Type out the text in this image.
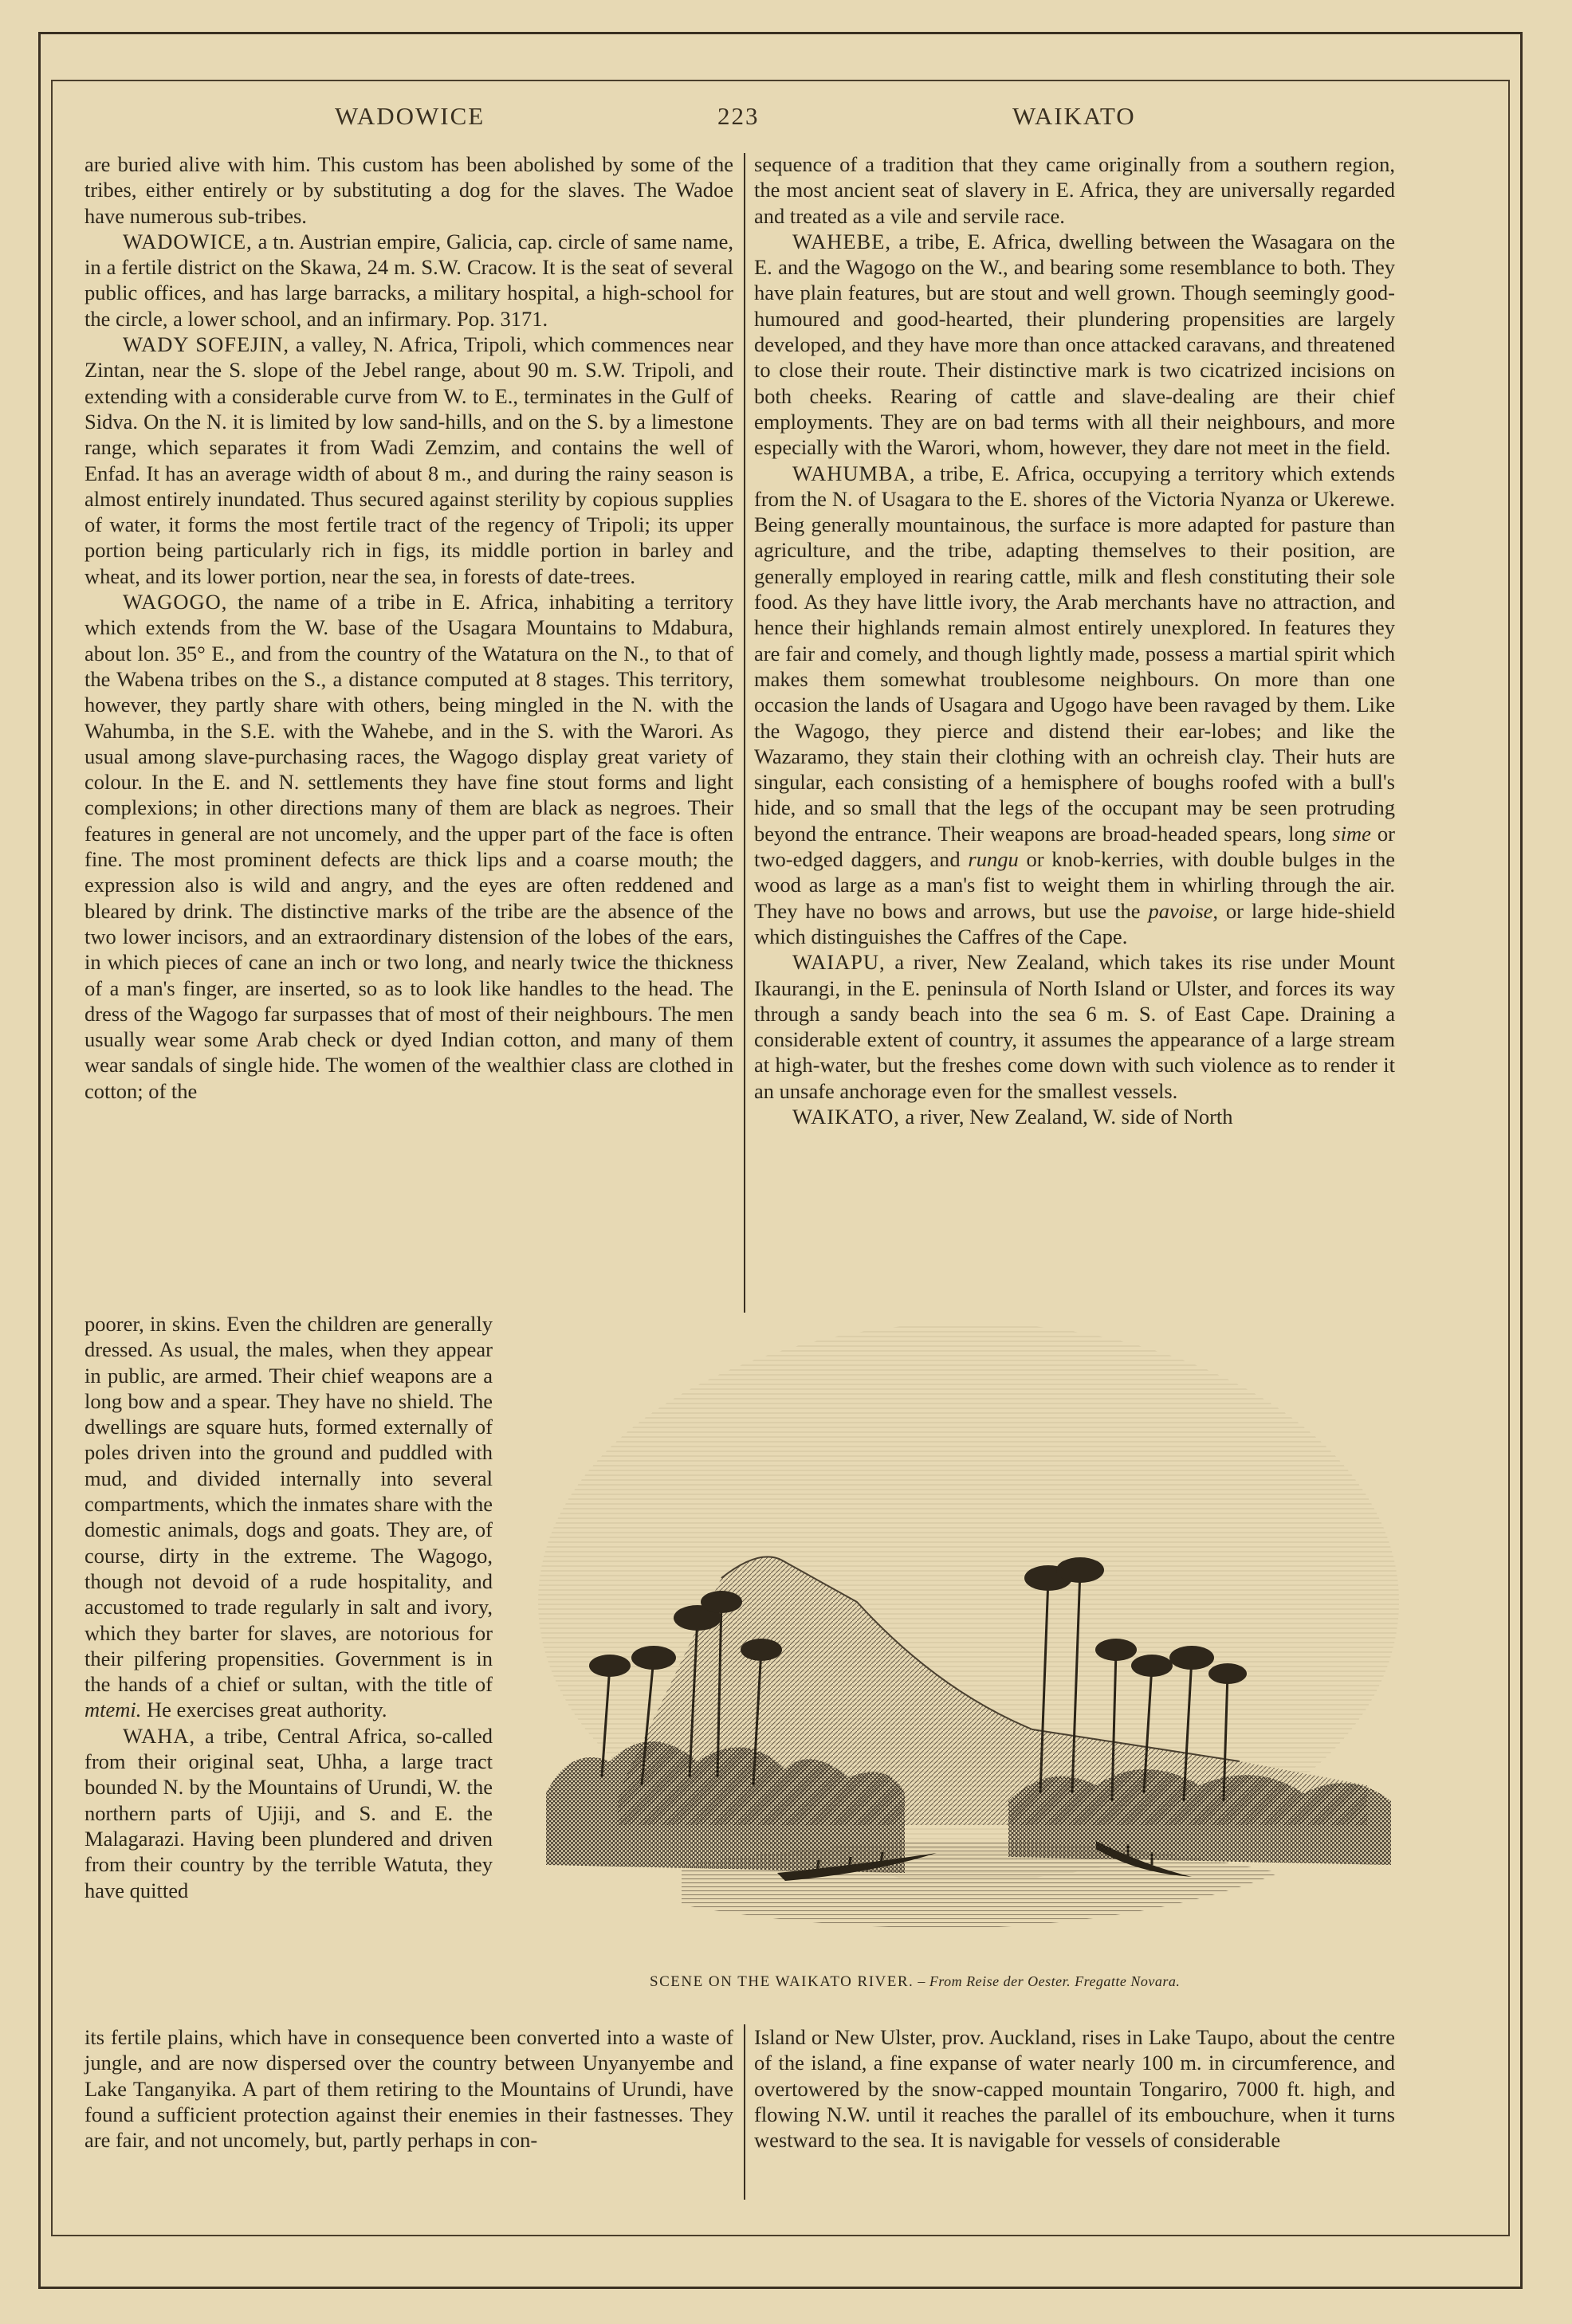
WADOWICE	223	WAIKATO

are buried alive with him. This custom has been abolished by some of the tribes, either entirely or by substituting a dog for the slaves. The Wadoe have numerous sub-tribes.

WADOWICE, a tn. Austrian empire, Galicia, cap. circle of same name, in a fertile district on the Skawa, 24 m. S.W. Cracow. It is the seat of several public offices, and has large barracks, a military hospital, a high-school for the circle, a lower school, and an infirmary. Pop. 3171.

WADY SOFEJIN, a valley, N. Africa, Tripoli, which commences near Zintan, near the S. slope of the Jebel range, about 90 m. S.W. Tripoli, and extending with a considerable curve from W. to E., terminates in the Gulf of Sidva. On the N. it is limited by low sand-hills, and on the S. by a limestone range, which separates it from Wadi Zemzim, and contains the well of Enfad. It has an average width of about 8 m., and during the rainy season is almost entirely inundated. Thus secured against sterility by copious supplies of water, it forms the most fertile tract of the regency of Tripoli; its upper portion being particularly rich in figs, its middle portion in barley and wheat, and its lower portion, near the sea, in forests of date-trees.

WAGOGO, the name of a tribe in E. Africa, inhabiting a territory which extends from the W. base of the Usagara Mountains to Mdabura, about lon. 35° E., and from the country of the Watatura on the N., to that of the Wabena tribes on the S., a distance computed at 8 stages. This territory, however, they partly share with others, being mingled in the N. with the Wahumba, in the S.E. with the Wahebe, and in the S. with the Warori. As usual among slave-purchasing races, the Wagogo display great variety of colour. In the E. and N. settlements they have fine stout forms and light complexions; in other directions many of them are black as negroes. Their features in general are not uncomely, and the upper part of the face is often fine. The most prominent defects are thick lips and a coarse mouth; the expression also is wild and angry, and the eyes are often reddened and bleared by drink. The distinctive marks of the tribe are the absence of the two lower incisors, and an extraordinary distension of the lobes of the ears, in which pieces of cane an inch or two long, and nearly twice the thickness of a man's finger, are inserted, so as to look like handles to the head. The dress of the Wagogo far surpasses that of most of their neighbours. The men usually wear some Arab check or dyed Indian cotton, and many of them wear sandals of single hide. The women of the wealthier class are clothed in cotton; of the

poorer, in skins. Even the children are generally dressed. As usual, the males, when they appear in public, are armed. Their chief weapons are a long bow and a spear. They have no shield. The dwellings are square huts, formed externally of poles driven into the ground and puddled with mud, and divided internally into several compartments, which the inmates share with the domestic animals, dogs and goats. They are, of course, dirty in the extreme. The Wagogo, though not devoid of a rude hospitality, and accustomed to trade regularly in salt and ivory, which they barter for slaves, are notorious for their pilfering propensities. Government is in the hands of a chief or sultan, with the title of mtemi. He exercises great authority.

WAHA, a tribe, Central Africa, so-called from their original seat, Uhha, a large tract bounded N. by the Mountains of Urundi, W. the northern parts of Ujiji, and S. and E. the Malagarazi. Having been plundered and driven from their country by the terrible Watuta, they have quitted

its fertile plains, which have in consequence been converted into a waste of jungle, and are now dispersed over the country between Unyanyembe and Lake Tanganyika. A part of them retiring to the Mountains of Urundi, have found a sufficient protection against their enemies in their fastnesses. They are fair, and not uncomely, but, partly perhaps in con-

sequence of a tradition that they came originally from a southern region, the most ancient seat of slavery in E. Africa, they are universally regarded and treated as a vile and servile race.

WAHEBE, a tribe, E. Africa, dwelling between the Wasagara on the E. and the Wagogo on the W., and bearing some resemblance to both. They have plain features, but are stout and well grown. Though seemingly good-humoured and good-hearted, their plundering propensities are largely developed, and they have more than once attacked caravans, and threatened to close their route. Their distinctive mark is two cicatrized incisions on both cheeks. Rearing of cattle and slave-dealing are their chief employments. They are on bad terms with all their neighbours, and more especially with the Warori, whom, however, they dare not meet in the field.

WAHUMBA, a tribe, E. Africa, occupying a territory which extends from the N. of Usagara to the E. shores of the Victoria Nyanza or Ukerewe. Being generally mountainous, the surface is more adapted for pasture than agriculture, and the tribe, adapting themselves to their position, are generally employed in rearing cattle, milk and flesh constituting their sole food. As they have little ivory, the Arab merchants have no attraction, and hence their highlands remain almost entirely unexplored. In features they are fair and comely, and though lightly made, possess a martial spirit which makes them somewhat troublesome neighbours. On more than one occasion the lands of Usagara and Ugogo have been ravaged by them. Like the Wagogo, they pierce and distend their ear-lobes; and like the Wazaramo, they stain their clothing with an ochreish clay. Their huts are singular, each consisting of a hemisphere of boughs roofed with a bull's hide, and so small that the legs of the occupant may be seen protruding beyond the entrance. Their weapons are broad-headed spears, long sime or two-edged daggers, and rungu or knob-kerries, with double bulges in the wood as large as a man's fist to weight them in whirling through the air. They have no bows and arrows, but use the pavoise, or large hide-shield which distinguishes the Caffres of the Cape.

WAIAPU, a river, New Zealand, which takes its rise under Mount Ikaurangi, in the E. peninsula of North Island or Ulster, and forces its way through a sandy beach into the sea 6 m. S. of East Cape. Draining a considerable extent of country, it assumes the appearance of a large stream at high-water, but the freshes come down with such violence as to render it an unsafe anchorage even for the smallest vessels.

WAIKATO, a river, New Zealand, W. side of North

Island or New Ulster, prov. Auckland, rises in Lake Taupo, about the centre of the island, a fine expanse of water nearly 100 m. in circumference, and overtowered by the snow-capped mountain Tongariro, 7000 ft. high, and flowing N.W. until it reaches the parallel of its embouchure, when it turns westward to the sea. It is navigable for vessels of considerable

SCENE ON THE WAIKATO RIVER. – From Reise der Oester. Fregatte Novara.
